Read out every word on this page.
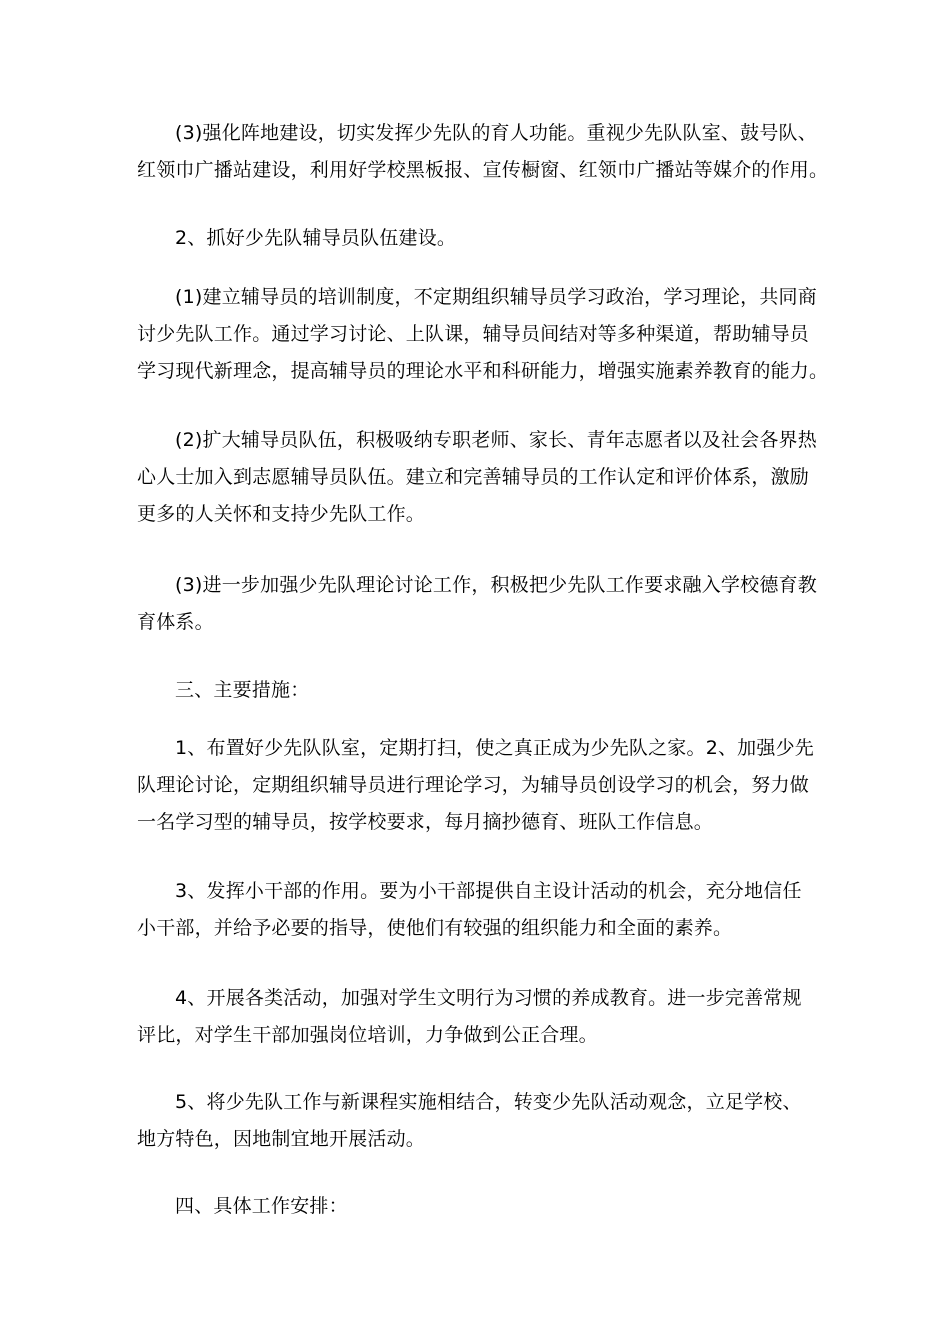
(3)强化阵地建设，切实发挥少先队的育人功能。重视少先队队室、鼓号队、
红领巾广播站建设，利用好学校黑板报、宣传橱窗、红领巾广播站等媒介的作用。
2、抓好少先队辅导员队伍建设。
(1)建立辅导员的培训制度，不定期组织辅导员学习政治，学习理论，共同商
讨少先队工作。通过学习讨论、上队课，辅导员间结对等多种渠道，帮助辅导员
学习现代新理念，提高辅导员的理论水平和科研能力，增强实施素养教育的能力。
(2)扩大辅导员队伍，积极吸纳专职老师、家长、青年志愿者以及社会各界热
心人士加入到志愿辅导员队伍。建立和完善辅导员的工作认定和评价体系，激励
更多的人关怀和支持少先队工作。
(3)进一步加强少先队理论讨论工作，积极把少先队工作要求融入学校德育教
育体系。
三、主要措施：
1、布置好少先队队室，定期打扫，使之真正成为少先队之家。2、加强少先
队理论讨论，定期组织辅导员进行理论学习，为辅导员创设学习的机会，努力做
一名学习型的辅导员，按学校要求，每月摘抄德育、班队工作信息。
3、发挥小干部的作用。要为小干部提供自主设计活动的机会，充分地信任
小干部，并给予必要的指导，使他们有较强的组织能力和全面的素养。
4、开展各类活动，加强对学生文明行为习惯的养成教育。进一步完善常规
评比，对学生干部加强岗位培训，力争做到公正合理。
5、将少先队工作与新课程实施相结合，转变少先队活动观念，立足学校、
地方特色，因地制宜地开展活动。
四、具体工作安排：
